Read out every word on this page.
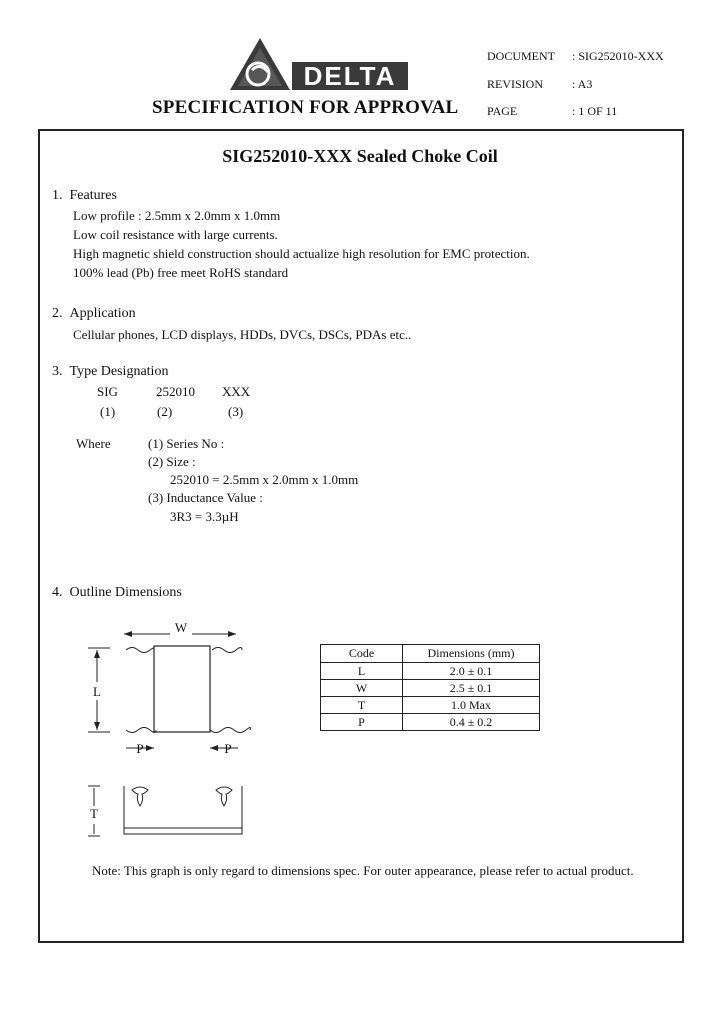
DELTA
SPECIFICATION FOR APPROVAL
DOCUMENT : SIG252010-XXX
REVISION : A3
PAGE	: 1 OF 11
SIG252010-XXX Sealed Choke Coil
1.  Features
Low profile : 2.5mm x 2.0mm x 1.0mm
Low coil resistance with large currents.
High magnetic shield construction should actualize high resolution for EMC protection.
100% lead (Pb) free meet RoHS standard
2.  Application
Cellular phones, LCD displays, HDDs, DVCs, DSCs, PDAs etc..
3.  Type Designation
SIG	252010 XXX
(1)	(2)	(3)
Where	(1) Series No :
(2) Size :
252010 = 2.5mm x 2.0mm x 1.0mm
(3) Inductance Value :
3R3 = 3.3µH
4.  Outline Dimensions
W
L
P	P
T
Code	Dimensions (mm)
L	2.0 ± 0.1
W	2.5 ± 0.1
T	1.0 Max
P	0.4 ± 0.2
Note: This graph is only regard to dimensions spec. For outer appearance, please refer to actual product.
